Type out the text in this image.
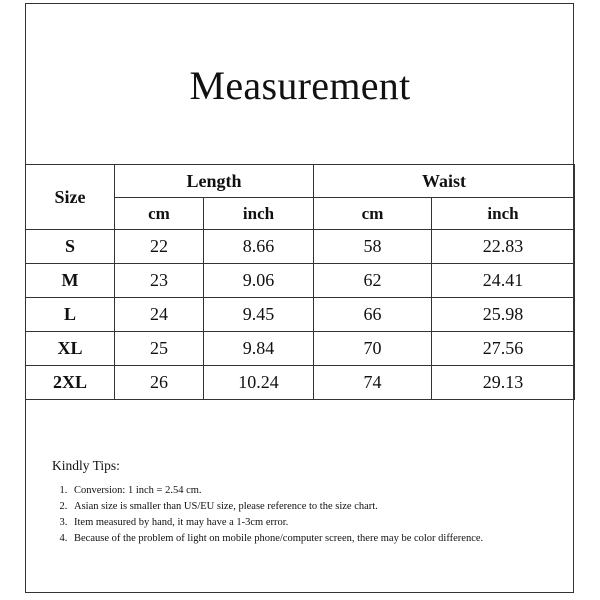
Measurement
Size	Length		Waist	
	cm	inch	cm	inch
S	22	8.66	58	22.83
M	23	9.06	62	24.41
L	24	9.45	66	25.98
XL	25	9.84	70	27.56
2XL	26	10.24	74	29.13
Kindly Tips:
1. Conversion: 1 inch = 2.54 cm.
2. Asian size is smaller than US/EU size, please reference to the size chart.
3. Item measured by hand, it may have a 1-3cm error.
4. Because of the problem of light on mobile phone/computer screen, there may be color difference.
